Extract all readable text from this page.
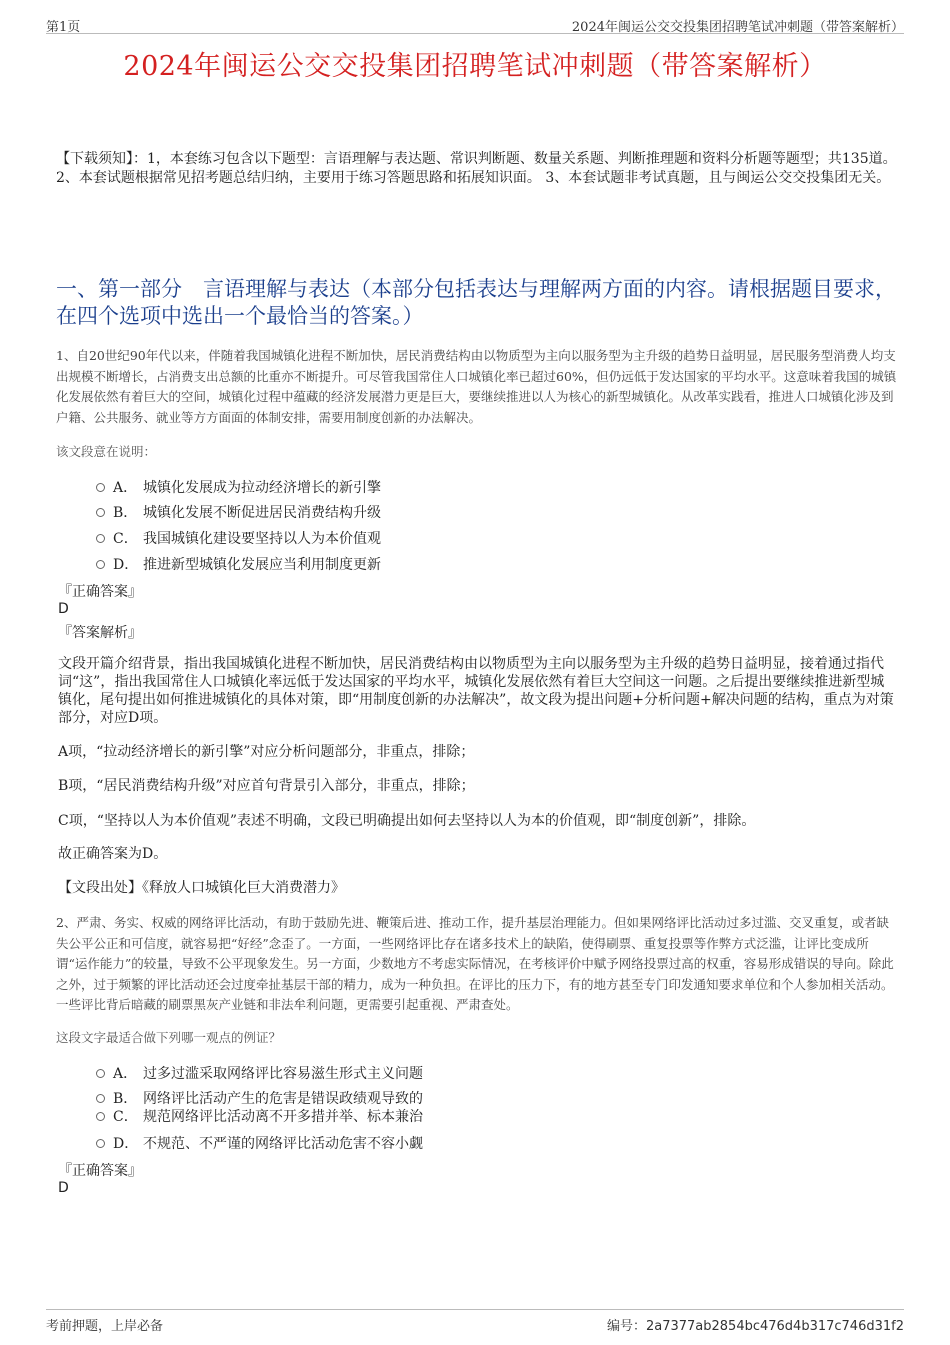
第1页	2024年闽运公交交投集团招聘笔试冲刺题（带答案解析）
2024年闽运公交交投集团招聘笔试冲刺题（带答案解析）
【下载须知】：1，本套练习包含以下题型：言语理解与表达题、常识判断题、数量关系题、判断推理题和资料分析题等题型；共135道。 2、本套试题根据常见招考题总结归纳，主要用于练习答题思路和拓展知识面。 3、本套试题非考试真题，且与闽运公交交投集团无关。
一、第一部分　言语理解与表达（本部分包括表达与理解两方面的内容。请根据题目要求，在四个选项中选出一个最恰当的答案。）
1、自20世纪90年代以来，伴随着我国城镇化进程不断加快，居民消费结构由以物质型为主向以服务型为主升级的趋势日益明显，居民服务型消费人均支出规模不断增长，占消费支出总额的比重亦不断提升。可尽管我国常住人口城镇化率已超过60%，但仍远低于发达国家的平均水平。这意味着我国的城镇化发展依然有着巨大的空间，城镇化过程中蕴藏的经济发展潜力更是巨大，要继续推进以人为核心的新型城镇化。从改革实践看，推进人口城镇化涉及到户籍、公共服务、就业等方方面面的体制安排，需要用制度创新的办法解决。
该文段意在说明：
A． 城镇化发展成为拉动经济增长的新引擎
B． 城镇化发展不断促进居民消费结构升级
C． 我国城镇化建设要坚持以人为本价值观
D． 推进新型城镇化发展应当利用制度更新
『正确答案』
D
『答案解析』
文段开篇介绍背景，指出我国城镇化进程不断加快，居民消费结构由以物质型为主向以服务型为主升级的趋势日益明显，接着通过指代词“这”，指出我国常住人口城镇化率远低于发达国家的平均水平，城镇化发展依然有着巨大空间这一问题。之后提出要继续推进新型城镇化，尾句提出如何推进城镇化的具体对策，即“用制度创新的办法解决”，故文段为提出问题+分析问题+解决问题的结构，重点为对策部分，对应D项。
A项，“拉动经济增长的新引擎”对应分析问题部分，非重点，排除；
B项，“居民消费结构升级”对应首句背景引入部分，非重点，排除；
C项，“坚持以人为本价值观”表述不明确，文段已明确提出如何去坚持以人为本的价值观，即“制度创新”，排除。
故正确答案为D。
【文段出处】《释放人口城镇化巨大消费潜力》
2、严肃、务实、权威的网络评比活动，有助于鼓励先进、鞭策后进、推动工作，提升基层治理能力。但如果网络评比活动过多过滥、交叉重复，或者缺失公平公正和可信度，就容易把“好经”念歪了。一方面，一些网络评比存在诸多技术上的缺陷，使得刷票、重复投票等作弊方式泛滥，让评比变成所谓“运作能力”的较量，导致不公平现象发生。另一方面，少数地方不考虑实际情况，在考核评价中赋予网络投票过高的权重，容易形成错误的导向。除此之外，过于频繁的评比活动还会过度牵扯基层干部的精力，成为一种负担。在评比的压力下，有的地方甚至专门印发通知要求单位和个人参加相关活动。一些评比背后暗藏的刷票黑灰产业链和非法牟利问题，更需要引起重视、严肃查处。
这段文字最适合做下列哪一观点的例证？
A． 过多过滥采取网络评比容易滋生形式主义问题
B． 网络评比活动产生的危害是错误政绩观导致的
C． 规范网络评比活动离不开多措并举、标本兼治
D． 不规范、不严谨的网络评比活动危害不容小觑
『正确答案』
D
考前押题，上岸必备	编号：2a7377ab2854bc476d4b317c746d31f2
